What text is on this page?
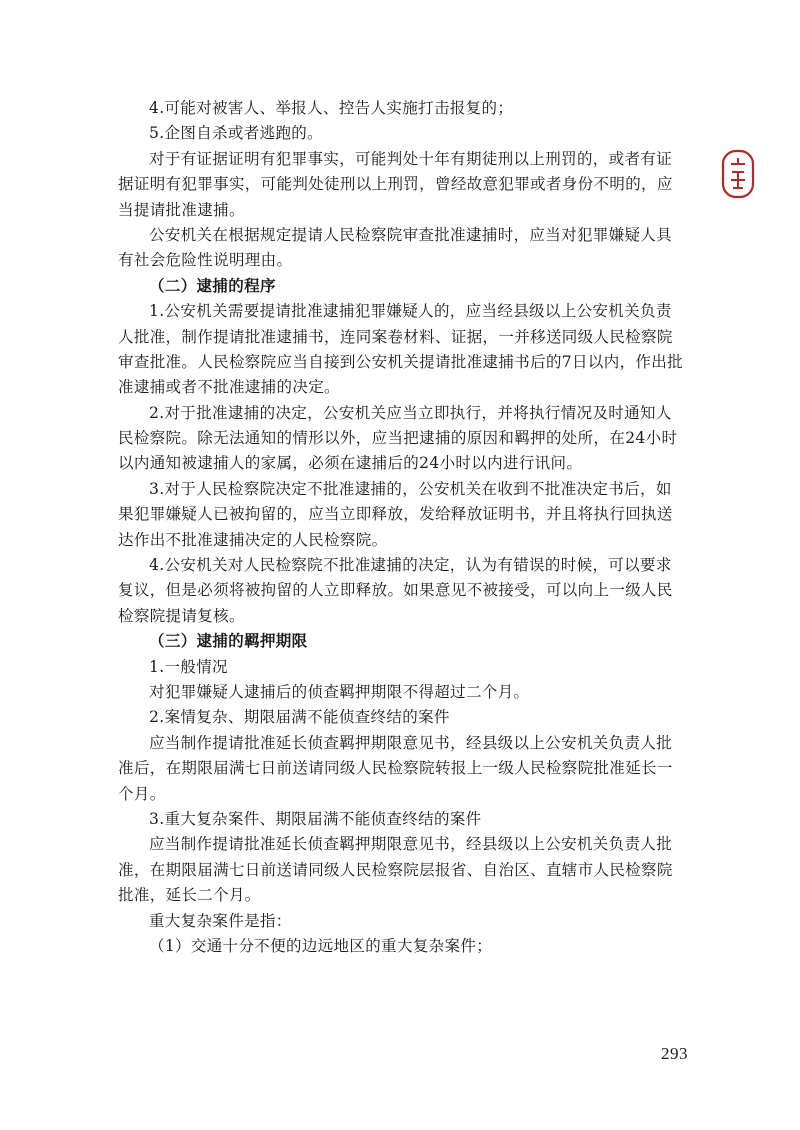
4.可能对被害人、举报人、控告人实施打击报复的；
5.企图自杀或者逃跑的。
对于有证据证明有犯罪事实，可能判处十年有期徒刑以上刑罚的，或者有证
据证明有犯罪事实，可能判处徒刑以上刑罚，曾经故意犯罪或者身份不明的，应
当提请批准逮捕。
公安机关在根据规定提请人民检察院审查批准逮捕时，应当对犯罪嫌疑人具
有社会危险性说明理由。
（二）逮捕的程序
1.公安机关需要提请批准逮捕犯罪嫌疑人的，应当经县级以上公安机关负责
人批准，制作提请批准逮捕书，连同案卷材料、证据，一并移送同级人民检察院
审查批准。人民检察院应当自接到公安机关提请批准逮捕书后的7日以内，作出批
准逮捕或者不批准逮捕的决定。
2.对于批准逮捕的决定，公安机关应当立即执行，并将执行情况及时通知人
民检察院。除无法通知的情形以外，应当把逮捕的原因和羁押的处所，在24小时
以内通知被逮捕人的家属，必须在逮捕后的24小时以内进行讯问。
3.对于人民检察院决定不批准逮捕的，公安机关在收到不批准决定书后，如
果犯罪嫌疑人已被拘留的，应当立即释放，发给释放证明书，并且将执行回执送
达作出不批准逮捕决定的人民检察院。
4.公安机关对人民检察院不批准逮捕的决定，认为有错误的时候，可以要求
复议，但是必须将被拘留的人立即释放。如果意见不被接受，可以向上一级人民
检察院提请复核。
（三）逮捕的羁押期限
1.一般情况
对犯罪嫌疑人逮捕后的侦查羁押期限不得超过二个月。
2.案情复杂、期限届满不能侦查终结的案件
应当制作提请批准延长侦查羁押期限意见书，经县级以上公安机关负责人批
准后，在期限届满七日前送请同级人民检察院转报上一级人民检察院批准延长一
个月。
3.重大复杂案件、期限届满不能侦查终结的案件
应当制作提请批准延长侦查羁押期限意见书，经县级以上公安机关负责人批
准，在期限届满七日前送请同级人民检察院层报省、自治区、直辖市人民检察院
批准，延长二个月。
重大复杂案件是指：
（1）交通十分不便的边远地区的重大复杂案件；
293
